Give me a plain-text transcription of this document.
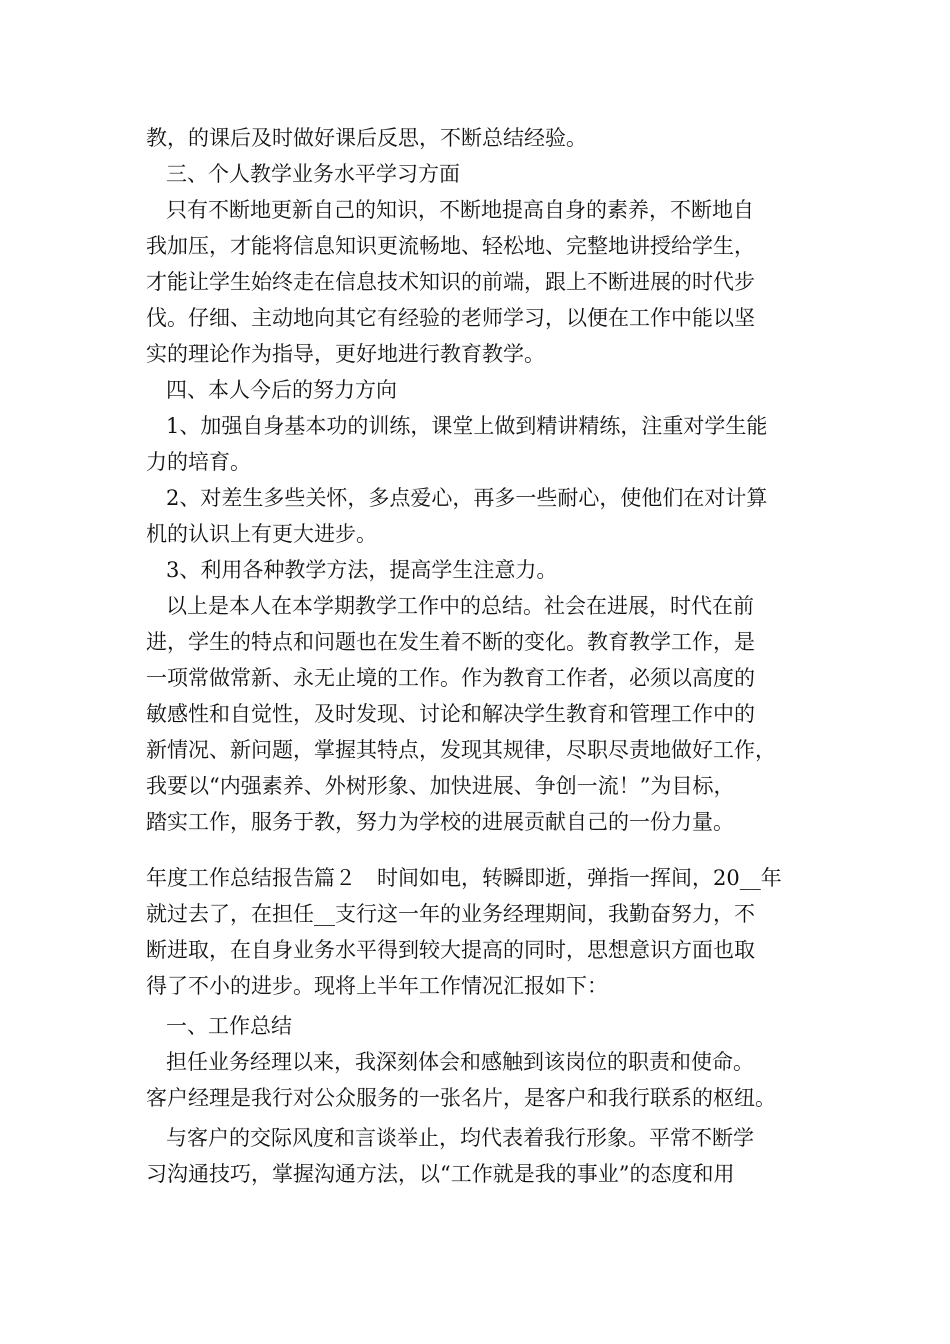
教，的课后及时做好课后反思，不断总结经验。
三、个人教学业务水平学习方面
只有不断地更新自己的知识，不断地提高自身的素养，不断地自
我加压，才能将信息知识更流畅地、轻松地、完整地讲授给学生，
才能让学生始终走在信息技术知识的前端，跟上不断进展的时代步
伐。仔细、主动地向其它有经验的老师学习，以便在工作中能以坚
实的理论作为指导，更好地进行教育教学。
四、本人今后的努力方向
1、加强自身基本功的训练，课堂上做到精讲精练，注重对学生能
力的培育。
2、对差生多些关怀，多点爱心，再多一些耐心，使他们在对计算
机的认识上有更大进步。
3、利用各种教学方法，提高学生注意力。
以上是本人在本学期教学工作中的总结。社会在进展，时代在前
进，学生的特点和问题也在发生着不断的变化。教育教学工作，是
一项常做常新、永无止境的工作。作为教育工作者，必须以高度的
敏感性和自觉性，及时发现、讨论和解决学生教育和管理工作中的
新情况、新问题，掌握其特点，发现其规律，尽职尽责地做好工作，
我要以“内强素养、外树形象、加快进展、争创一流！”为目标，
踏实工作，服务于教，努力为学校的进展贡献自己的一份力量。
年度工作总结报告篇２　时间如电，转瞬即逝，弹指一挥间，20__年
就过去了，在担任__支行这一年的业务经理期间，我勤奋努力，不
断进取，在自身业务水平得到较大提高的同时，思想意识方面也取
得了不小的进步。现将上半年工作情况汇报如下：
一、工作总结
担任业务经理以来，我深刻体会和感触到该岗位的职责和使命。
客户经理是我行对公众服务的一张名片，是客户和我行联系的枢纽。
与客户的交际风度和言谈举止，均代表着我行形象。平常不断学
习沟通技巧，掌握沟通方法，以“工作就是我的事业”的态度和用
